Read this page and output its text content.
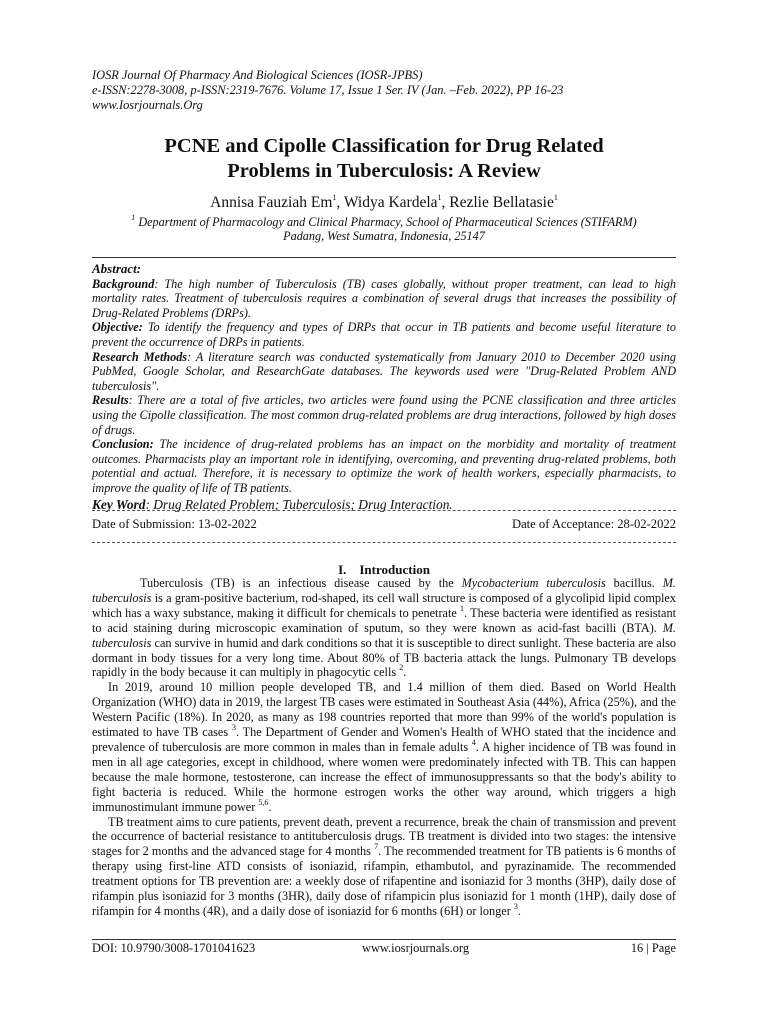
IOSR Journal Of Pharmacy And Biological Sciences (IOSR-JPBS)
e-ISSN:2278-3008, p-ISSN:2319-7676. Volume 17, Issue 1 Ser. IV (Jan. –Feb. 2022), PP 16-23
www.Iosrjournals.Org
PCNE and Cipolle Classification for Drug Related
Problems in Tuberculosis: A Review
Annisa Fauziah Em$^1$, Widya Kardela$^1$, Rezlie Bellatasie$^1$
$^1$ Department of Pharmacology and Clinical Pharmacy, School of Pharmaceutical Sciences (STIFARM)
Padang, West Sumatra, Indonesia, 25147

Abstract:

Background: The high number of Tuberculosis (TB) cases globally, without proper treatment, can lead to high mortality rates. Treatment of tuberculosis requires a combination of several drugs that increases the possibility of Drug-Related Problems (DRPs).

Objective: To identify the frequency and types of DRPs that occur in TB patients and become useful literature to prevent the occurrence of DRPs in patients.

Research Methods: A literature search was conducted systematically from January 2010 to December 2020 using PubMed, Google Scholar, and ResearchGate databases. The keywords used were "Drug-Related Problem AND tuberculosis".

Results: There are a total of five articles, two articles were found using the PCNE classification and three articles using the Cipolle classification. The most common drug-related problems are drug interactions, followed by high doses of drugs.

Conclusion: The incidence of drug-related problems has an impact on the morbidity and mortality of treatment outcomes. Pharmacists play an important role in identifying, overcoming, and preventing drug-related problems, both potential and actual. Therefore, it is necessary to optimize the work of health workers, especially pharmacists, to improve the quality of life of TB patients.

Key Word: Drug Related Problem; Tuberculosis; Drug Interaction.

Date of Submission: 13-02-2022	Date of Acceptance: 28-02-2022
I. Introduction

Tuberculosis (TB) is an infectious disease caused by the Mycobacterium tuberculosis bacillus. M. tuberculosis is a gram-positive bacterium, rod-shaped, its cell wall structure is composed of a glycolipid lipid complex which has a waxy substance, making it difficult for chemicals to penetrate $^1$. These bacteria were identified as resistant to acid staining during microscopic examination of sputum, so they were known as acid-fast bacilli (BTA). M. tuberculosis can survive in humid and dark conditions so that it is susceptible to direct sunlight. These bacteria are also dormant in body tissues for a very long time. About 80% of TB bacteria attack the lungs. Pulmonary TB develops rapidly in the body because it can multiply in phagocytic cells $^2$.

In 2019, around 10 million people developed TB, and 1.4 million of them died. Based on World Health Organization (WHO) data in 2019, the largest TB cases were estimated in Southeast Asia (44%), Africa (25%), and the Western Pacific (18%). In 2020, as many as 198 countries reported that more than 99% of the world's population is estimated to have TB cases $^3$. The Department of Gender and Women's Health of WHO stated that the incidence and prevalence of tuberculosis are more common in males than in female adults $^4$. A higher incidence of TB was found in men in all age categories, except in childhood, where women were predominately infected with TB. This can happen because the male hormone, testosterone, can increase the effect of immunosuppressants so that the body's ability to fight bacteria is reduced. While the hormone estrogen works the other way around, which triggers a high immunostimulant immune power $^{5,6}$.

TB treatment aims to cure patients, prevent death, prevent a recurrence, break the chain of transmission and prevent the occurrence of bacterial resistance to antituberculosis drugs. TB treatment is divided into two stages: the intensive stages for 2 months and the advanced stage for 4 months $^7$. The recommended treatment for TB patients is 6 months of therapy using first-line ATD consists of isoniazid, rifampin, ethambutol, and pyrazinamide. The recommended treatment options for TB prevention are: a weekly dose of rifapentine and isoniazid for 3 months (3HP), daily dose of rifampin plus isoniazid for 3 months (3HR), daily dose of rifampicin plus isoniazid for 1 month (1HP), daily dose of rifampin for 4 months (4R), and a daily dose of isoniazid for 6 months (6H) or longer $^3$.

DOI: 10.9790/3008-1701041623	www.iosrjournals.org	16 | Page
